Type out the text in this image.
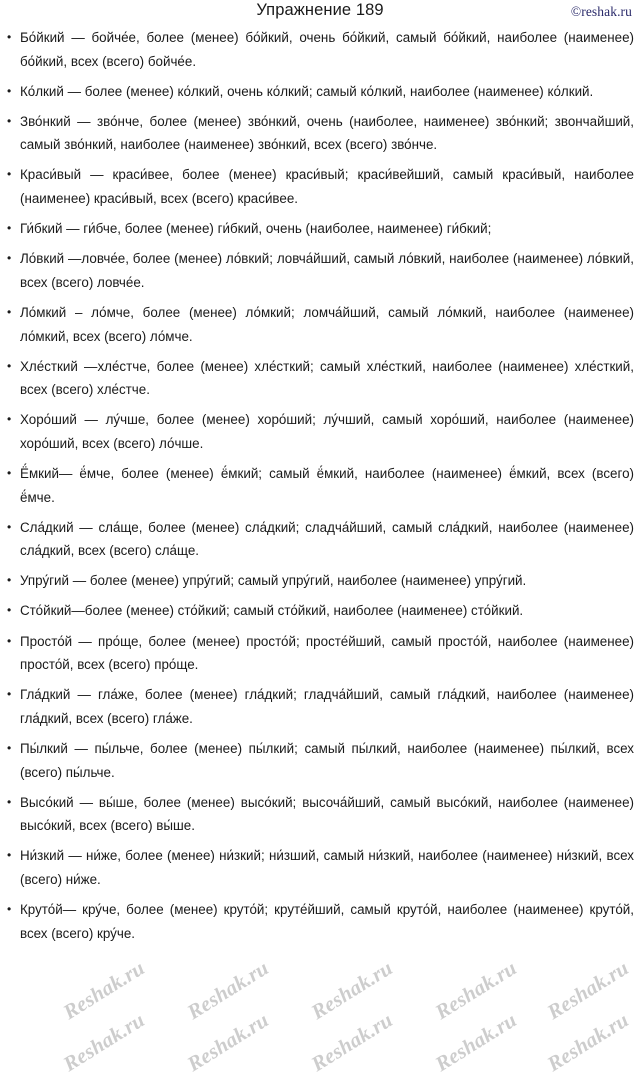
Reshak.ru Reshak.ru Reshak.ru Reshak.ru Reshak.ru
Reshak.ru Reshak.ru Reshak.ru Reshak.ru Reshak.ru
Упражнение 189	©reshak.ru
• Бо́йкий — бойче́е, более (менее) бо́йкий, очень бо́йкий, самый бо́йкий, наиболее (наименее) бо́йкий, всех (всего) бойче́е.
• Ко́лкий — более (менее) ко́лкий, очень ко́лкий; самый ко́лкий, наиболее (наименее) ко́лкий.
• Зво́нкий — зво́нче, более (менее) зво́нкий, очень (наиболее, наименее) зво́нкий; звончайший, самый зво́нкий, наиболее (наименее) зво́нкий, всех (всего) зво́нче.
• Краси́вый — краси́вее, более (менее) краси́вый; краси́вейший, самый краси́вый, наиболее (наименее) краси́вый, всех (всего) краси́вее.
• Ги́бкий — ги́бче, более (менее) ги́бкий, очень (наиболее, наименее) ги́бкий;
• Ло́вкий —ловче́е, более (менее) ло́вкий; ловча́йший, самый ло́вкий, наиболее (наименее) ло́вкий, всех (всего) ловче́е.
• Ло́мкий – ло́мче, более (менее) ло́мкий; ломча́йший, самый ло́мкий, наиболее (наименее) ло́мкий, всех (всего) ло́мче.
• Хле́сткий —хле́стче, более (менее) хле́сткий; самый хле́сткий, наиболее (наименее) хле́сткий, всех (всего) хле́стче.
• Хоро́ший — лу́чше, более (менее) хоро́ший; лу́чший, самый хоро́ший, наиболее (наименее) хоро́ший, всех (всего) ло́чше.
• Ё́мкий— ё́мче, более (менее) ё́мкий; самый ё́мкий, наиболее (наименее) ё́мкий, всех (всего) ё́мче.
• Сла́дкий — сла́ще, более (менее) сла́дкий; сладча́йший, самый сла́дкий, наиболее (наименее) сла́дкий, всех (всего) сла́ще.
• Упру́гий — более (менее) упру́гий; самый упру́гий, наиболее (наименее) упру́гий.
• Сто́йкий—более (менее) сто́йкий; самый сто́йкий, наиболее (наименее) сто́йкий.
• Просто́й — про́ще, более (менее) просто́й; просте́йший, самый просто́й, наиболее (наименее) просто́й, всех (всего) про́ще.
• Гла́дкий — гла́же, более (менее) гла́дкий; гладча́йший, самый гла́дкий, наиболее (наименее) гла́дкий, всех (всего) гла́же.
• Пы́лкий — пы́льче, более (менее) пы́лкий; самый пы́лкий, наиболее (наименее) пы́лкий, всех (всего) пы́льче.
• Высо́кий — вы́ше, более (менее) высо́кий; высоча́йший, самый высо́кий, наиболее (наименее) высо́кий, всех (всего) вы́ше.
• Ни́зкий — ни́же, более (менее) ни́зкий; ни́зший, самый ни́зкий, наиболее (наименее) ни́зкий, всех (всего) ни́же.
• Круто́й— кру́че, более (менее) круто́й; круте́йший, самый круто́й, наиболее (наименее) круто́й, всех (всего) кру́че.
